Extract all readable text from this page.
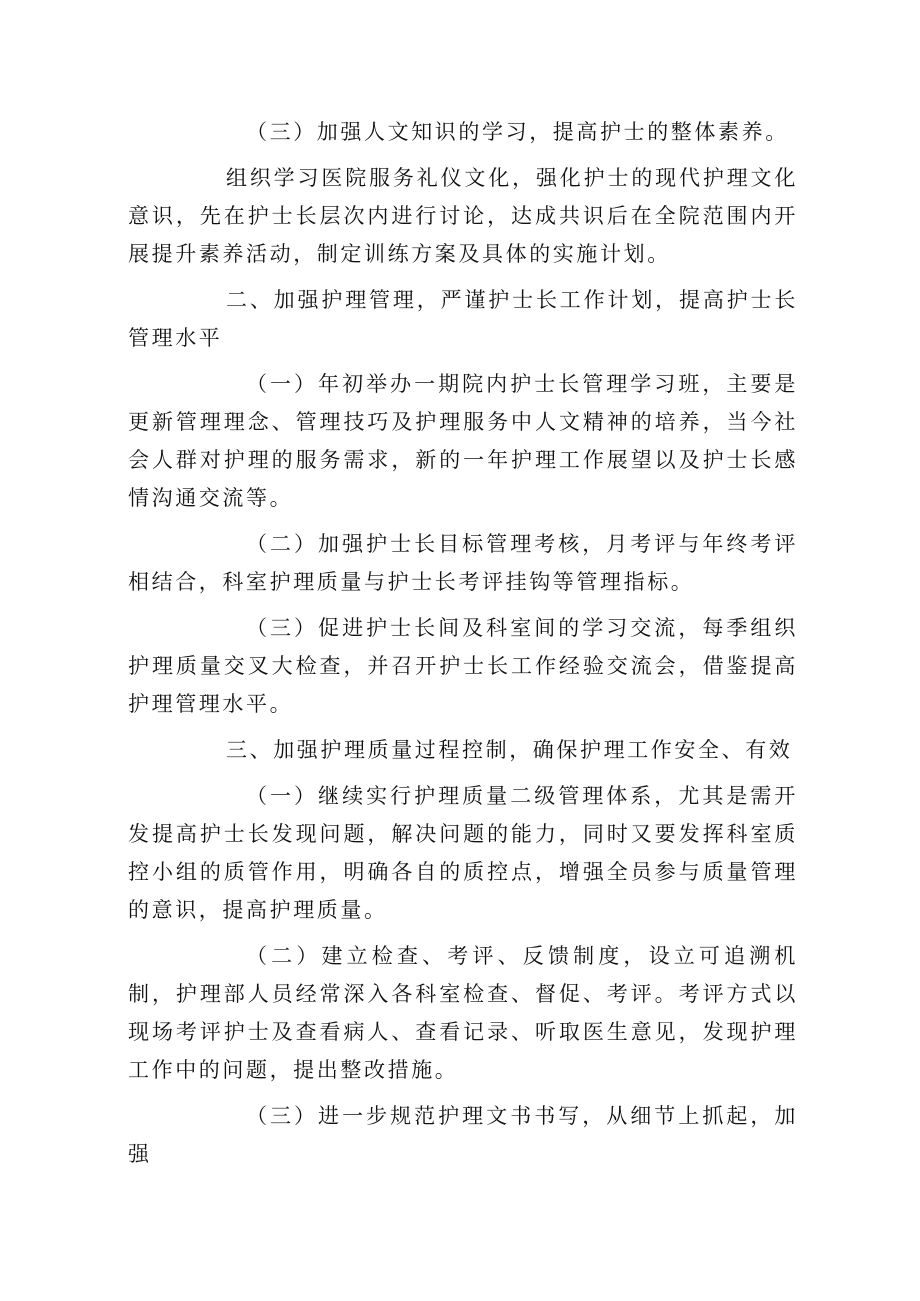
（三）加强人文知识的学习，提高护士的整体素养。

组织学习医院服务礼仪文化，强化护士的现代护理文化意识，先在护士长层次内进行讨论，达成共识后在全院范围内开展提升素养活动，制定训练方案及具体的实施计划。

二、加强护理管理，严谨护士长工作计划，提高护士长管理水平

（一）年初举办一期院内护士长管理学习班，主要是更新管理理念、管理技巧及护理服务中人文精神的培养，当今社会人群对护理的服务需求，新的一年护理工作展望以及护士长感情沟通交流等。

（二）加强护士长目标管理考核，月考评与年终考评相结合，科室护理质量与护士长考评挂钩等管理指标。

（三）促进护士长间及科室间的学习交流，每季组织护理质量交叉大检查，并召开护士长工作经验交流会，借鉴提高护理管理水平。

三、加强护理质量过程控制，确保护理工作安全、有效

（一）继续实行护理质量二级管理体系，尤其是需开发提高护士长发现问题，解决问题的能力，同时又要发挥科室质控小组的质管作用，明确各自的质控点，增强全员参与质量管理的意识，提高护理质量。

（二）建立检查、考评、反馈制度，设立可追溯机制，护理部人员经常深入各科室检查、督促、考评。考评方式以现场考评护士及查看病人、查看记录、听取医生意见，发现护理工作中的问题，提出整改措施。

（三）进一步规范护理文书书写，从细节上抓起，加强
